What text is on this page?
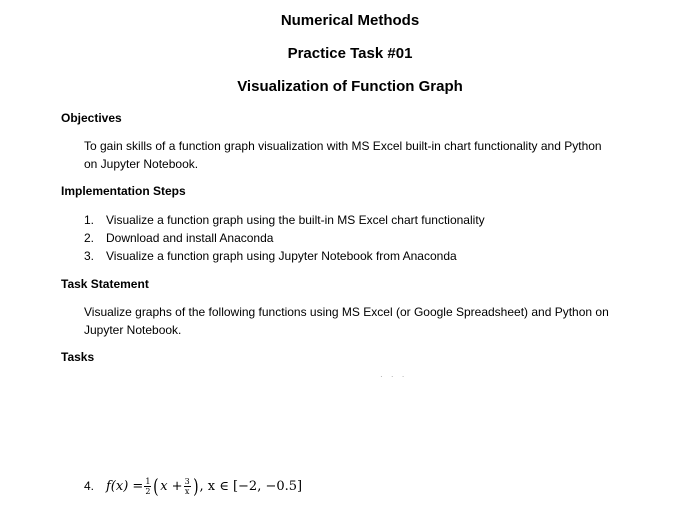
Numerical Methods
Practice Task #01
Visualization of Function Graph
Objectives
To gain skills of a function graph visualization with MS Excel built-in chart functionality and Python
on Jupyter Notebook.
Implementation Steps
1. Visualize a function graph using the built-in MS Excel chart functionality
2. Download and install Anaconda
3. Visualize a function graph using Jupyter Notebook from Anaconda
Task Statement
Visualize graphs of the following functions using MS Excel (or Google Spreadsheet) and Python on
Jupyter Notebook.
Tasks
· · ·
4. $f(x) = \frac{1}{2}$ ( $x + \frac{3}{x}$ ) , x ∈ [−2, −0.5]
